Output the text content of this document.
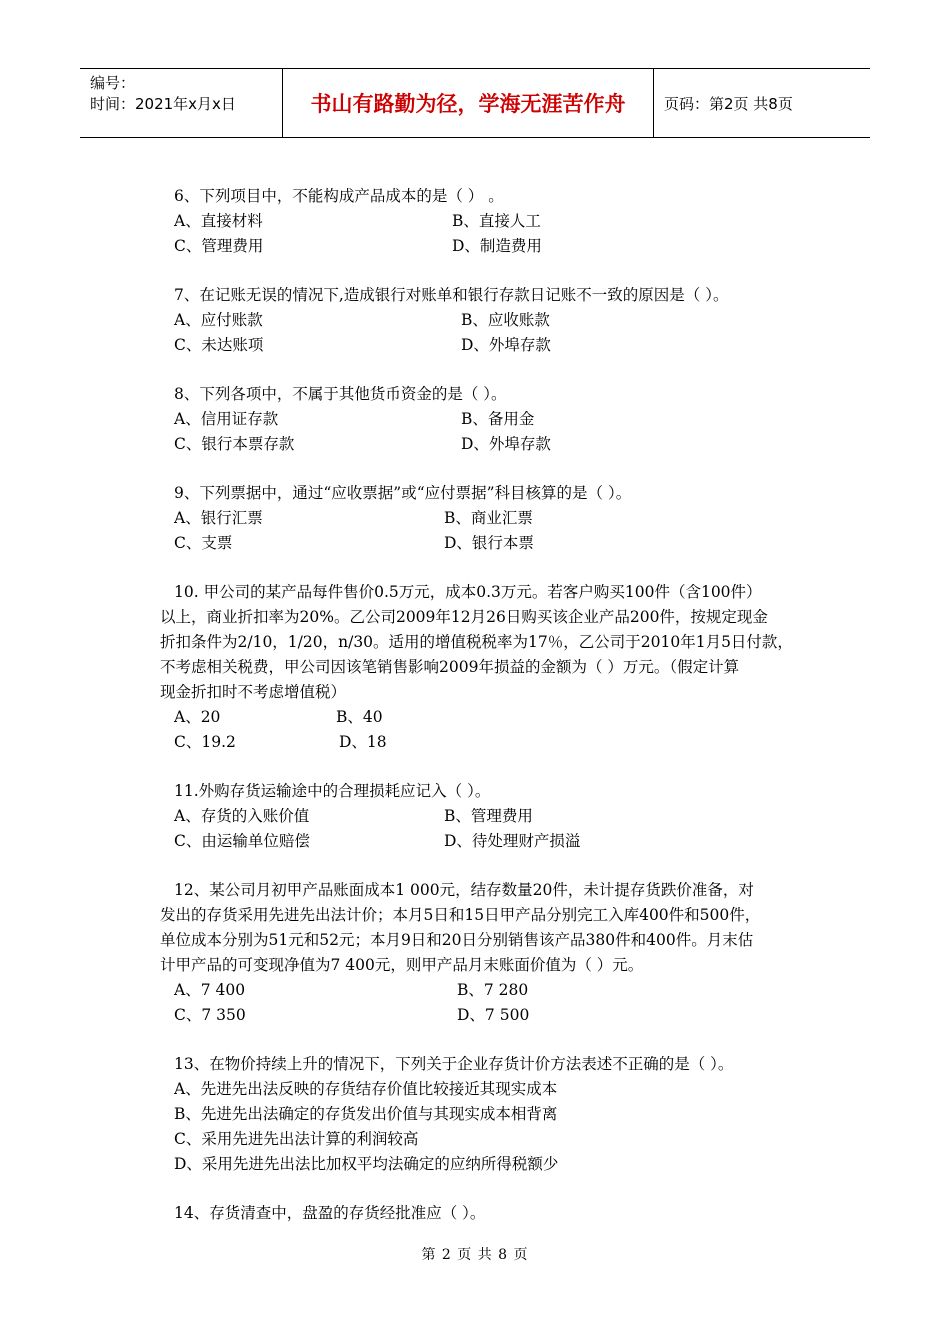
编号：
时间：2021年x月x日	书山有路勤为径，学海无涯苦作舟	页码：第2页 共8页
6、下列项目中，不能构成产品成本的是（ ） 。
A、直接材料	B、直接人工
C、管理费用	D、制造费用
7、在记账无误的情况下,造成银行对账单和银行存款日记账不一致的原因是（ ）。
A、应付账款	B、应收账款
C、未达账项	D、外埠存款
8、下列各项中，不属于其他货币资金的是（ ）。
A、信用证存款	B、备用金
C、银行本票存款	D、外埠存款
9、下列票据中，通过“应收票据”或“应付票据”科目核算的是（ ）。
A、银行汇票	B、商业汇票
C、支票	D、银行本票
10. 甲公司的某产品每件售价0.5万元，成本0.3万元。若客户购买100件（含100件）
以上，商业折扣率为20%。乙公司2009年12月26日购买该企业产品200件，按规定现金
折扣条件为2/10，1/20，n/30。适用的增值税税率为17％，乙公司于2010年1月5日付款，
不考虑相关税费，甲公司因该笔销售影响2009年损益的金额为（ ）万元。（假定计算
现金折扣时不考虑增值税）
A、20	B、40
C、19.2	D、18
11.外购存货运输途中的合理损耗应记入（ ）。
A、存货的入账价值	B、管理费用
C、由运输单位赔偿	D、待处理财产损溢
12、某公司月初甲产品账面成本1 000元，结存数量20件，未计提存货跌价准备，对
发出的存货采用先进先出法计价；本月5日和15日甲产品分别完工入库400件和500件，
单位成本分别为51元和52元；本月9日和20日分别销售该产品380件和400件。月末估
计甲产品的可变现净值为7 400元，则甲产品月末账面价值为（ ）元。
A、7 400	B、7 280
C、7 350	D、7 500
13、在物价持续上升的情况下，下列关于企业存货计价方法表述不正确的是（ ）。
A、先进先出法反映的存货结存价值比较接近其现实成本
B、先进先出法确定的存货发出价值与其现实成本相背离
C、采用先进先出法计算的利润较高
D、采用先进先出法比加权平均法确定的应纳所得税额少
14、存货清查中，盘盈的存货经批准应（ ）。
第 2 页 共 8 页
